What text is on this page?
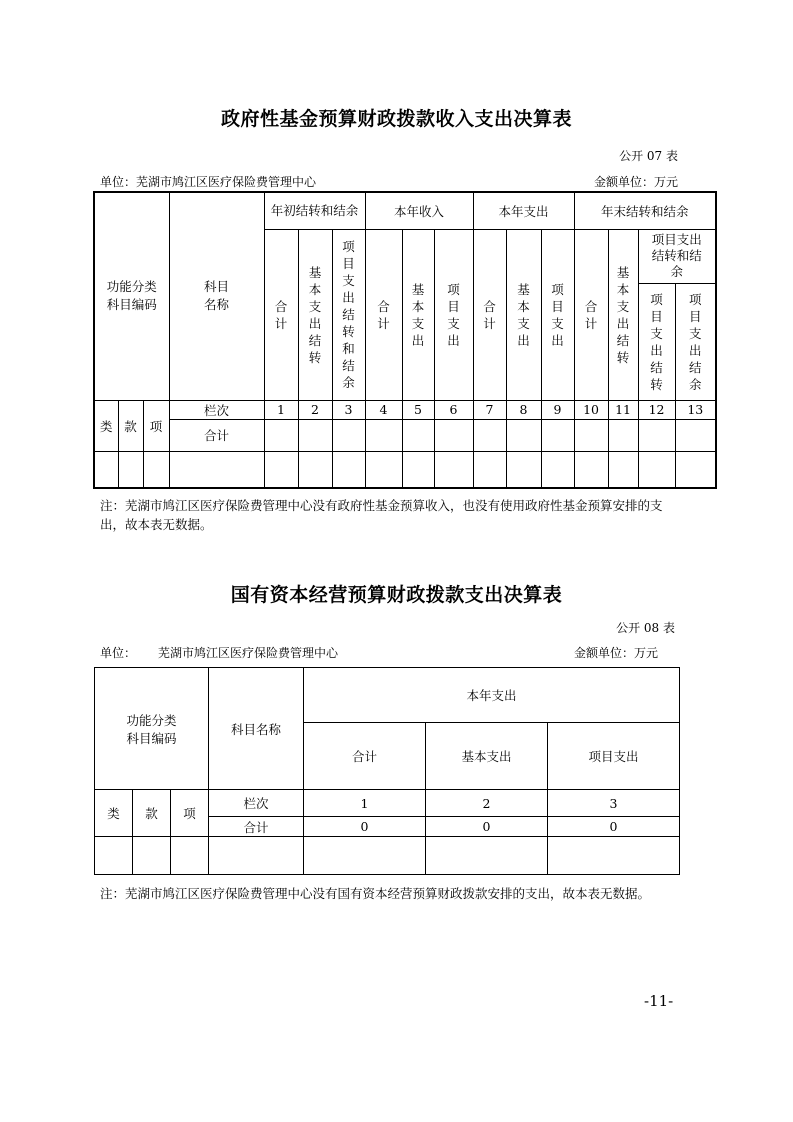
政府性基金预算财政拨款收入支出决算表
公开 07 表
单位：芜湖市鸠江区医疗保险费管理中心	金额单位：万元
功能分类科目编码			科目名称	年初结转和结余			本年收入			本年支出			年末结转和结余			
				合计	基本支出结转	项目支出结转和结余	合计	基本支出	项目支出	合计	基本支出	项目支出	合计	基本支出结转	项目支出结转和结余	
															项目支出结转	项目支出结余
类	款	项	栏次	1	2	3	4	5	6	7	8	9	10	11	12	13
			合计													

注：芜湖市鸠江区医疗保险费管理中心没有政府性基金预算收入，也没有使用政府性基金预算安排的支出，故本表无数据。
国有资本经营预算财政拨款支出决算表
公开 08 表
单位： 芜湖市鸠江区医疗保险费管理中心	金额单位：万元
功能分类
科目编码			科目名称	本年支出		
				合计	基本支出	项目支出
类	款	项	栏次	1	2	3
			合计	0	0	0

注：芜湖市鸠江区医疗保险费管理中心没有国有资本经营预算财政拨款安排的支出，故本表无数据。
-11-
